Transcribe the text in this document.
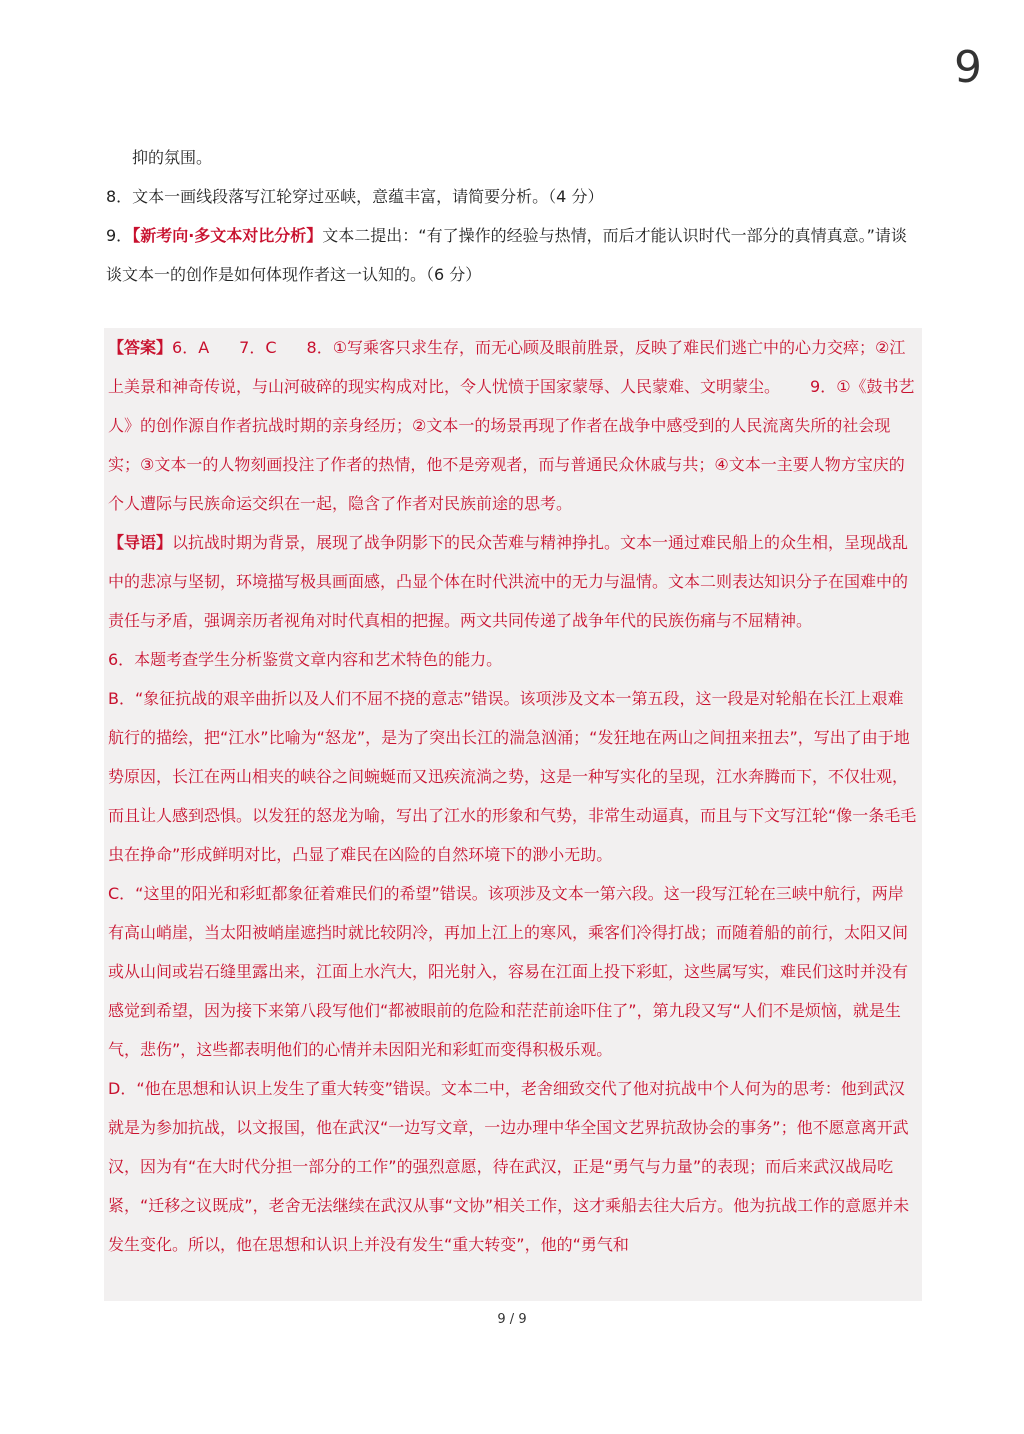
9

抑的氛围。

8．文本一画线段落写江轮穿过巫峡，意蕴丰富，请简要分析。（4 分）

9．【新考向·多文本对比分析】文本二提出：“有了操作的经验与热情，而后才能认识时代一部分的真情真意。”请谈谈文本一的创作是如何体现作者这一认知的。（6 分）

【答案】6．A 7．C 8．①写乘客只求生存，而无心顾及眼前胜景，反映了难民们逃亡中的心力交瘁；②江上美景和神奇传说，与山河破碎的现实构成对比，令人忧愤于国家蒙辱、人民蒙难、文明蒙尘。 9．①《鼓书艺人》的创作源自作者抗战时期的亲身经历；②文本一的场景再现了作者在战争中感受到的人民流离失所的社会现实；③文本一的人物刻画投注了作者的热情，他不是旁观者，而与普通民众休戚与共；④文本一主要人物方宝庆的个人遭际与民族命运交织在一起，隐含了作者对民族前途的思考。

【导语】以抗战时期为背景，展现了战争阴影下的民众苦难与精神挣扎。文本一通过难民船上的众生相，呈现战乱中的悲凉与坚韧，环境描写极具画面感，凸显个体在时代洪流中的无力与温情。文本二则表达知识分子在国难中的责任与矛盾，强调亲历者视角对时代真相的把握。两文共同传递了战争年代的民族伤痛与不屈精神。

6．本题考查学生分析鉴赏文章内容和艺术特色的能力。

B．“象征抗战的艰辛曲折以及人们不屈不挠的意志”错误。该项涉及文本一第五段，这一段是对轮船在长江上艰难航行的描绘，把“江水”比喻为“怒龙”，是为了突出长江的湍急汹涌；“发狂地在两山之间扭来扭去”，写出了由于地势原因，长江在两山相夹的峡谷之间蜿蜒而又迅疾流淌之势，这是一种写实化的呈现，江水奔腾而下，不仅壮观，而且让人感到恐惧。以发狂的怒龙为喻，写出了江水的形象和气势，非常生动逼真，而且与下文写江轮“像一条毛毛虫在挣命”形成鲜明对比，凸显了难民在凶险的自然环境下的渺小无助。

C．“这里的阳光和彩虹都象征着难民们的希望”错误。该项涉及文本一第六段。这一段写江轮在三峡中航行，两岸有高山峭崖，当太阳被峭崖遮挡时就比较阴冷，再加上江上的寒风，乘客们冷得打战；而随着船的前行，太阳又间或从山间或岩石缝里露出来，江面上水汽大，阳光射入，容易在江面上投下彩虹，这些属写实，难民们这时并没有感觉到希望，因为接下来第八段写他们“都被眼前的危险和茫茫前途吓住了”，第九段又写“人们不是烦恼，就是生气，悲伤”，这些都表明他们的心情并未因阳光和彩虹而变得积极乐观。

D．“他在思想和认识上发生了重大转变”错误。文本二中，老舍细致交代了他对抗战中个人何为的思考：他到武汉就是为参加抗战，以文报国，他在武汉“一边写文章，一边办理中华全国文艺界抗敌协会的事务”；他不愿意离开武汉，因为有“在大时代分担一部分的工作”的强烈意愿，待在武汉，正是“勇气与力量”的表现；而后来武汉战局吃紧，“迁移之议既成”，老舍无法继续在武汉从事“文协”相关工作，这才乘船去往大后方。他为抗战工作的意愿并未发生变化。所以，他在思想和认识上并没有发生“重大转变”，他的“勇气和

9 / 9
